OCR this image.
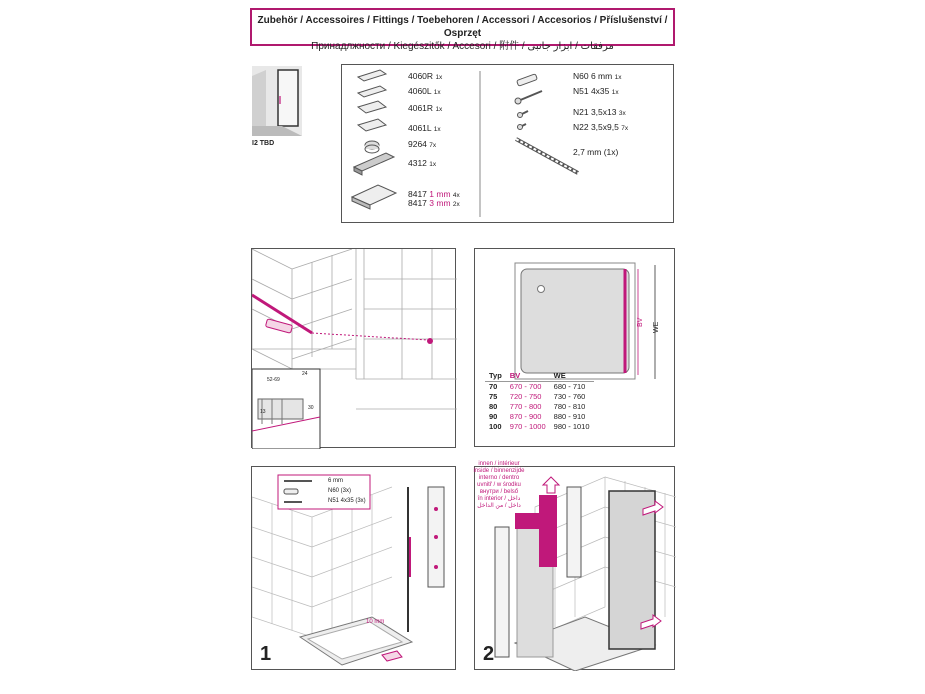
Zubehör / Accessoires / Fittings / Toebehoren / Accessori / Accesorios / Příslušenství / Osprzęt
Принадлжности / Kiegészitők / Accesori / 附件 / مرفقات / ابزار جانبی
I2 TBD
4060R 1x
4060L 1x
4061R 1x
4061L 1x
9264 7x
4312 1x
8417 1 mm 4x
8417 3 mm 2x
N60 6 mm 1x
N51 4x35 1x
N21 3,5x13 3x
N22 3,5x9,5 7x
2,7 mm (1x)
52-69
24
30
13
BV WE
Typ	BV	WE
70	670 - 700	680 - 710
75	720 - 750	730 - 760
80	770 - 800	780 - 810
90	870 - 900	880 - 910
100	970 - 1000	980 - 1010
6 mm
N60 (3x)
N51 4x35 (3x)
10 mm
1
innen / intérieur
inside / binnenzijde
interno / dentro
uvnitř / w środku
внутри / belső
în interior / داخل
داخل / من الداخل
2
